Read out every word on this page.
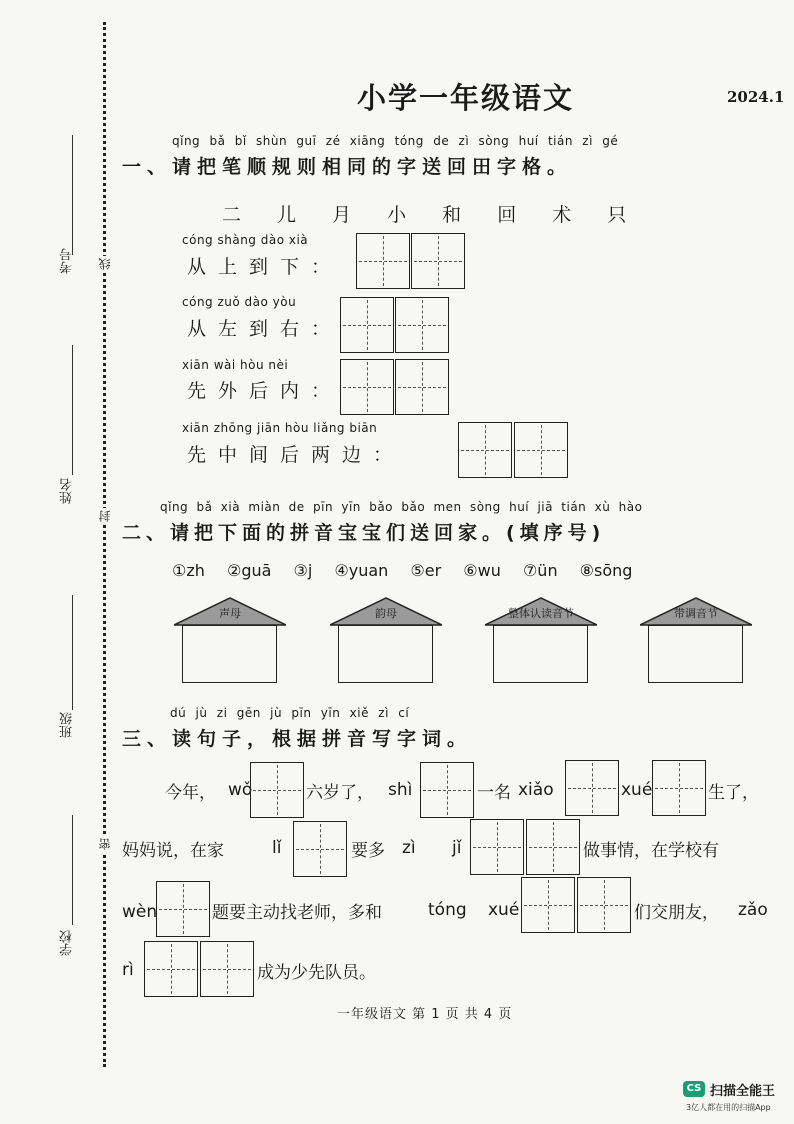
考号
姓名
班级
学校
线
封
密
小学一年级语文	2024.1
qǐng bǎ bǐ shùn guī zé xiāng tóng de zì sòng huí tián zì gé
一、请把笔顺规则相同的字送回田字格。
二 儿 月 小 和 回 术 只
cóng shàng dào xià
从上到下：
cóng zuǒ dào yòu
从左到右：
xiān wài hòu nèi
先外后内：
xiān zhōng jiān hòu liǎng biān
先中间后两边：
qǐng bǎ xià miàn de pīn yīn bǎo bǎo men sòng huí jiā tián xù hào
二、请把下面的拼音宝宝们送回家。(填序号)
①zh ②guā ③j ④yuan ⑤er ⑥wu ⑦ün ⑧sōng
声母	韵母	整体认读音节	带调音节
dú jù zi gēn jù pīn yīn xiě zì cí
三、读句子，根据拼音写字词。
今年， wǒ	六岁了， shì	一名 xiǎo	xué	生了，
妈妈说，在家	lǐ	要多 zì jǐ	做事情，在学校有
wèn	题要主动找老师，多和	tóng xué	们交朋友， zǎo
rì	成为少先队员。
一年级语文 第 1 页 共 4 页
CS 扫描全能王
3亿人都在用的扫描App
